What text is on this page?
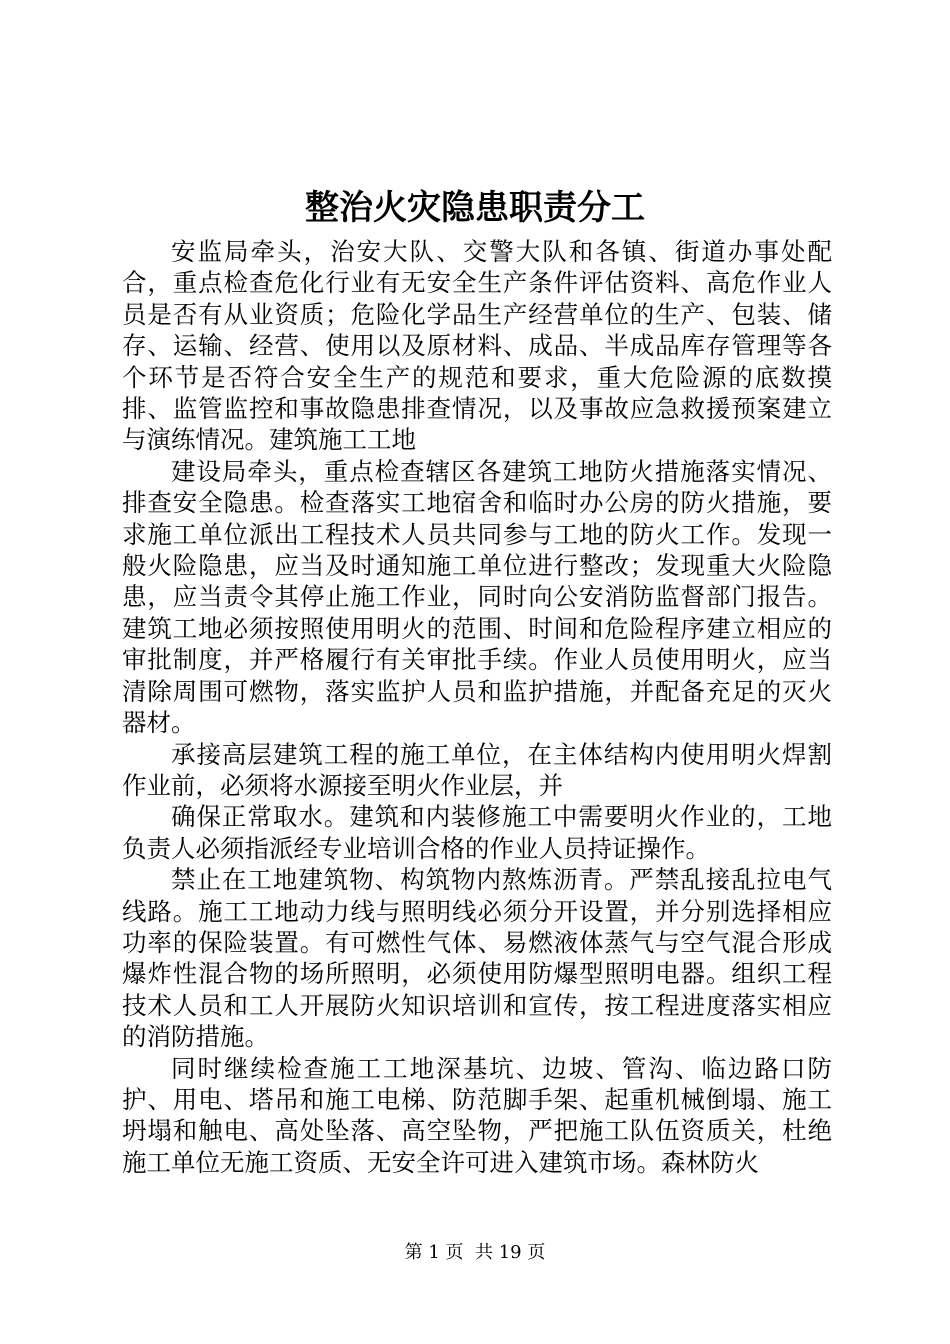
整治火灾隐患职责分工

安监局牵头，治安大队、交警大队和各镇、街道办事处配合，重点检查危化行业有无安全生产条件评估资料、高危作业人员是否有从业资质；危险化学品生产经营单位的生产、包装、储存、运输、经营、使用以及原材料、成品、半成品库存管理等各个环节是否符合安全生产的规范和要求，重大危险源的底数摸排、监管监控和事故隐患排查情况，以及事故应急救援预案建立与演练情况。建筑施工工地

建设局牵头，重点检查辖区各建筑工地防火措施落实情况、排查安全隐患。检查落实工地宿舍和临时办公房的防火措施，要求施工单位派出工程技术人员共同参与工地的防火工作。发现一般火险隐患，应当及时通知施工单位进行整改；发现重大火险隐患，应当责令其停止施工作业，同时向公安消防监督部门报告。建筑工地必须按照使用明火的范围、时间和危险程序建立相应的审批制度，并严格履行有关审批手续。作业人员使用明火，应当清除周围可燃物，落实监护人员和监护措施，并配备充足的灭火器材。

承接高层建筑工程的施工单位，在主体结构内使用明火焊割作业前，必须将水源接至明火作业层，并

确保正常取水。建筑和内装修施工中需要明火作业的，工地负责人必须指派经专业培训合格的作业人员持证操作。

禁止在工地建筑物、构筑物内熬炼沥青。严禁乱接乱拉电气线路。施工工地动力线与照明线必须分开设置，并分别选择相应功率的保险装置。有可燃性气体、易燃液体蒸气与空气混合形成爆炸性混合物的场所照明，必须使用防爆型照明电器。组织工程技术人员和工人开展防火知识培训和宣传，按工程进度落实相应的消防措施。

同时继续检查施工工地深基坑、边坡、管沟、临边路口防护、用电、塔吊和施工电梯、防范脚手架、起重机械倒塌、施工坍塌和触电、高处坠落、高空坠物，严把施工队伍资质关，杜绝施工单位无施工资质、无安全许可进入建筑市场。森林防火

第 1 页  共 19 页
